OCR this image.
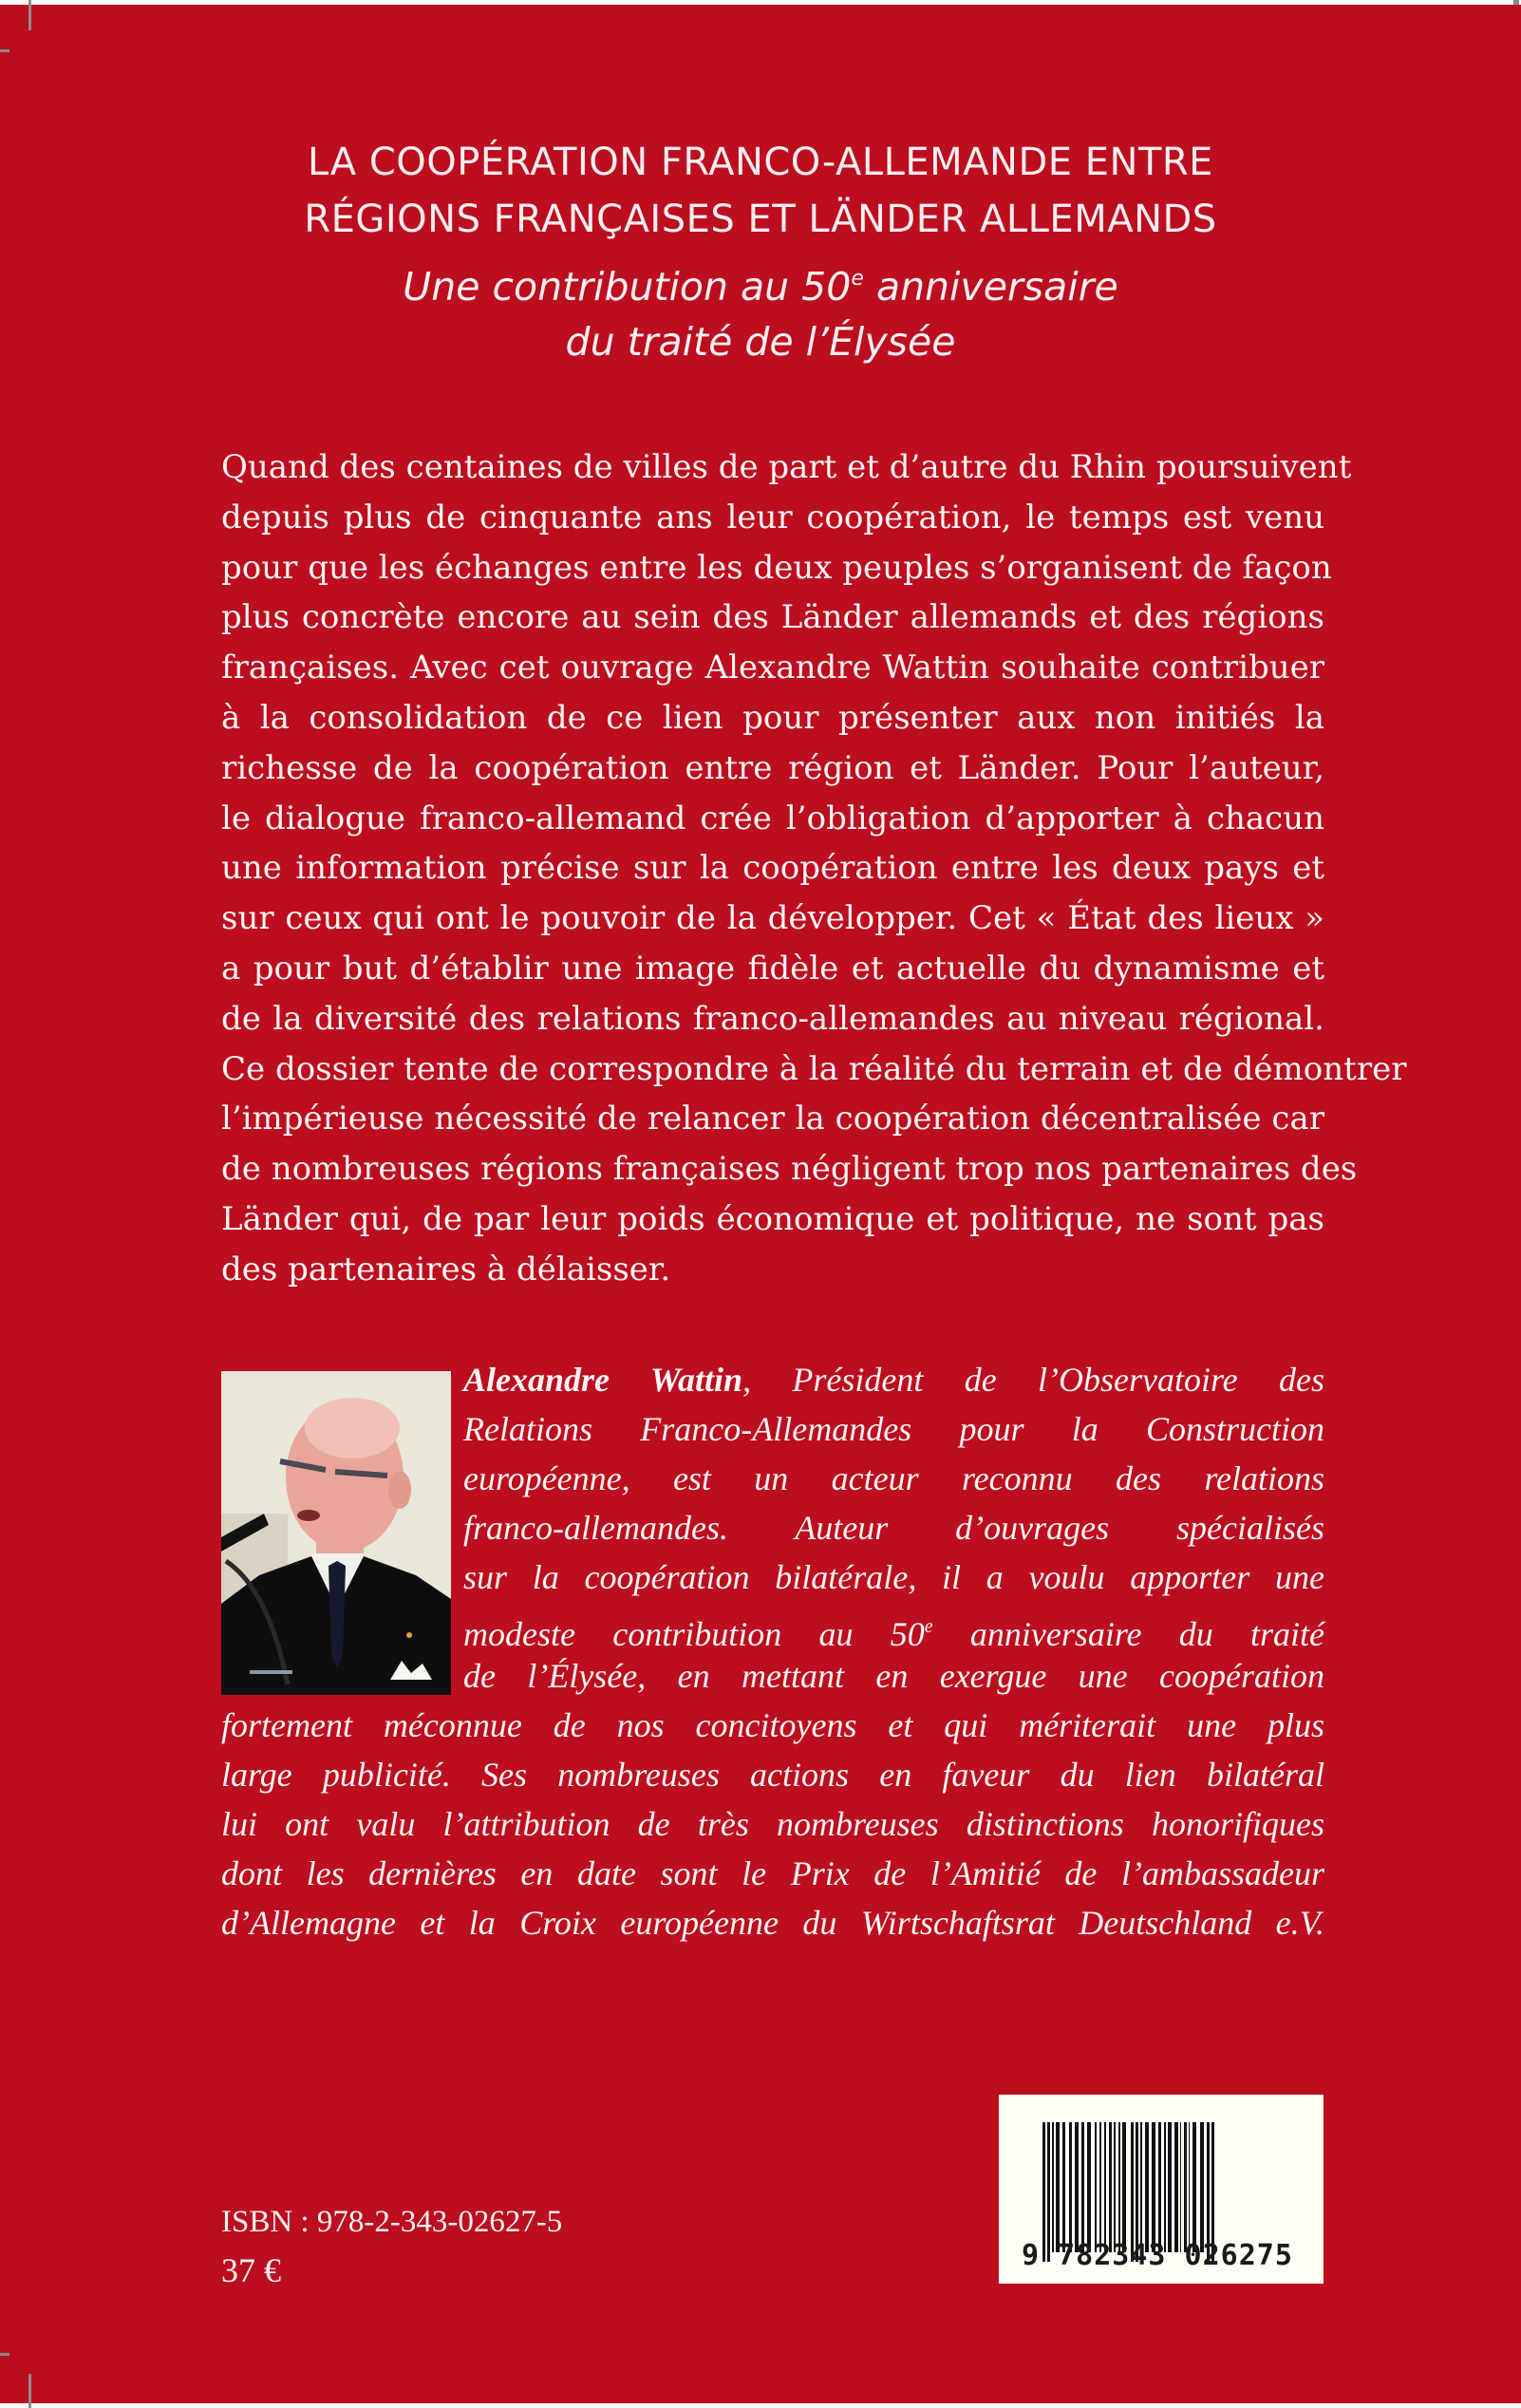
LA COOPÉRATION FRANCO-ALLEMANDE ENTRE
RÉGIONS FRANÇAISES ET LÄNDER ALLEMANDS
Une contribution au 50e anniversaire
du traité de l’Élysée
Quand des centaines de villes de part et d’autre du Rhin poursuivent
depuis plus de cinquante ans leur coopération, le temps est venu
pour que les échanges entre les deux peuples s’organisent de façon
plus concrète encore au sein des Länder allemands et des régions
françaises. Avec cet ouvrage Alexandre Wattin souhaite contribuer
à la consolidation de ce lien pour présenter aux non initiés la
richesse de la coopération entre région et Länder. Pour l’auteur,
le dialogue franco-allemand crée l’obligation d’apporter à chacun
une information précise sur la coopération entre les deux pays et
sur ceux qui ont le pouvoir de la développer. Cet « État des lieux »
a pour but d’établir une image fidèle et actuelle du dynamisme et
de la diversité des relations franco-allemandes au niveau régional.
Ce dossier tente de correspondre à la réalité du terrain et de démontrer
l’impérieuse nécessité de relancer la coopération décentralisée car
de nombreuses régions françaises négligent trop nos partenaires des
Länder qui, de par leur poids économique et politique, ne sont pas
des partenaires à délaisser.
Alexandre Wattin, Président de l’Observatoire des
Relations Franco-Allemandes pour la Construction
européenne, est un acteur reconnu des relations
franco-allemandes. Auteur d’ouvrages spécialisés
sur la coopération bilatérale, il a voulu apporter une
modeste contribution au 50e anniversaire du traité
de l’Élysée, en mettant en exergue une coopération
fortement méconnue de nos concitoyens et qui mériterait une plus
large publicité. Ses nombreuses actions en faveur du lien bilatéral
lui ont valu l’attribution de très nombreuses distinctions honorifiques
dont les dernières en date sont le Prix de l’Amitié de l’ambassadeur
d’Allemagne et la Croix européenne du Wirtschaftsrat Deutschland e.V.
ISBN : 978-2-343-02627-5
37 €	9 782343 026275
